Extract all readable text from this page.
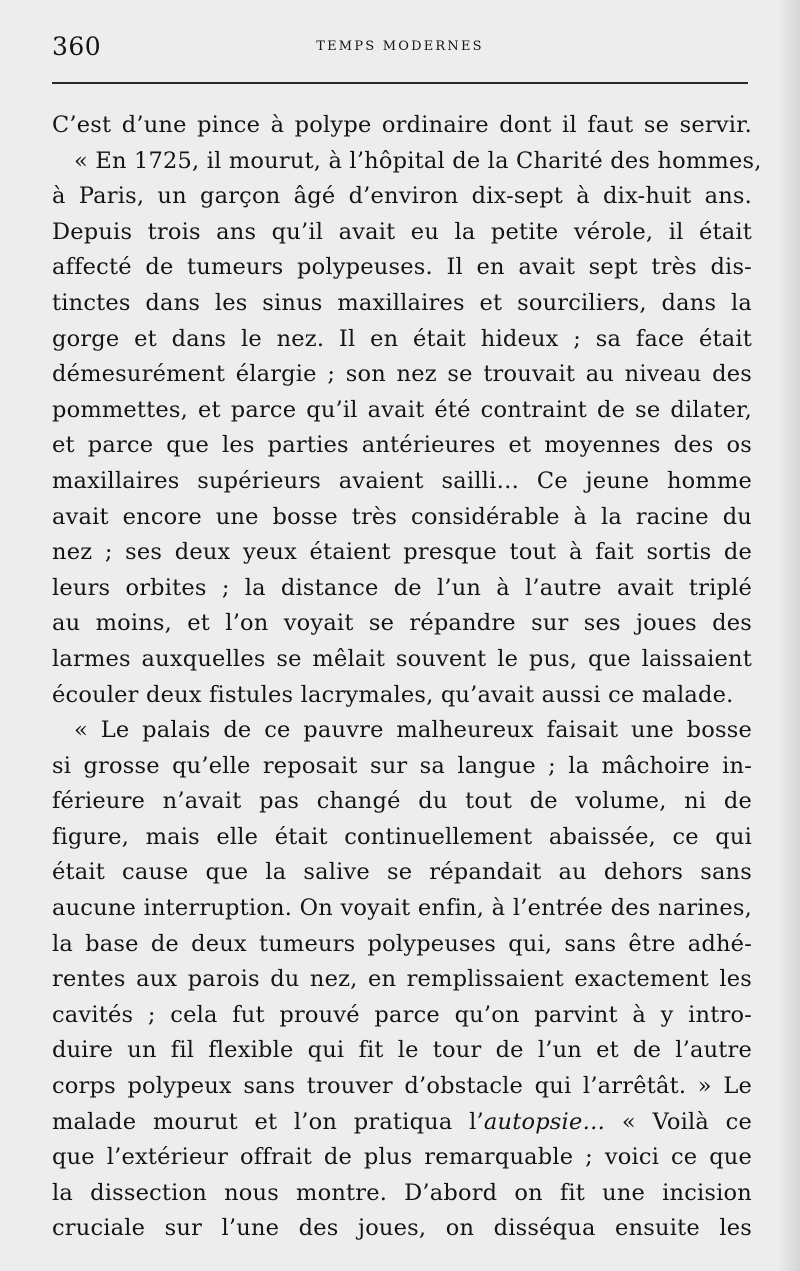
360	TEMPS MODERNES
C’est d’une pince à polype ordinaire dont il faut se servir.
« En 1725, il mourut, à l’hôpital de la Charité des hommes,
à Paris, un garçon âgé d’environ dix-sept à dix-huit ans.
Depuis trois ans qu’il avait eu la petite vérole, il était
affecté de tumeurs polypeuses. Il en avait sept très dis-
tinctes dans les sinus maxillaires et sourciliers, dans la
gorge et dans le nez. Il en était hideux ; sa face était
démesurément élargie ; son nez se trouvait au niveau des
pommettes, et parce qu’il avait été contraint de se dilater,
et parce que les parties antérieures et moyennes des os
maxillaires supérieurs avaient sailli… Ce jeune homme
avait encore une bosse très considérable à la racine du
nez ; ses deux yeux étaient presque tout à fait sortis de
leurs orbites ; la distance de l’un à l’autre avait triplé
au moins, et l’on voyait se répandre sur ses joues des
larmes auxquelles se mêlait souvent le pus, que laissaient
écouler deux fistules lacrymales, qu’avait aussi ce malade.
« Le palais de ce pauvre malheureux faisait une bosse
si grosse qu’elle reposait sur sa langue ; la mâchoire in-
férieure n’avait pas changé du tout de volume, ni de
figure, mais elle était continuellement abaissée, ce qui
était cause que la salive se répandait au dehors sans
aucune interruption. On voyait enfin, à l’entrée des narines,
la base de deux tumeurs polypeuses qui, sans être adhé-
rentes aux parois du nez, en remplissaient exactement les
cavités ; cela fut prouvé parce qu’on parvint à y intro-
duire un fil flexible qui fit le tour de l’un et de l’autre
corps polypeux sans trouver d’obstacle qui l’arrêtât. » Le
malade mourut et l’on pratiqua l’autopsie… « Voilà ce
que l’extérieur offrait de plus remarquable ; voici ce que
la dissection nous montre. D’abord on fit une incision
cruciale sur l’une des joues, on disséqua ensuite les
